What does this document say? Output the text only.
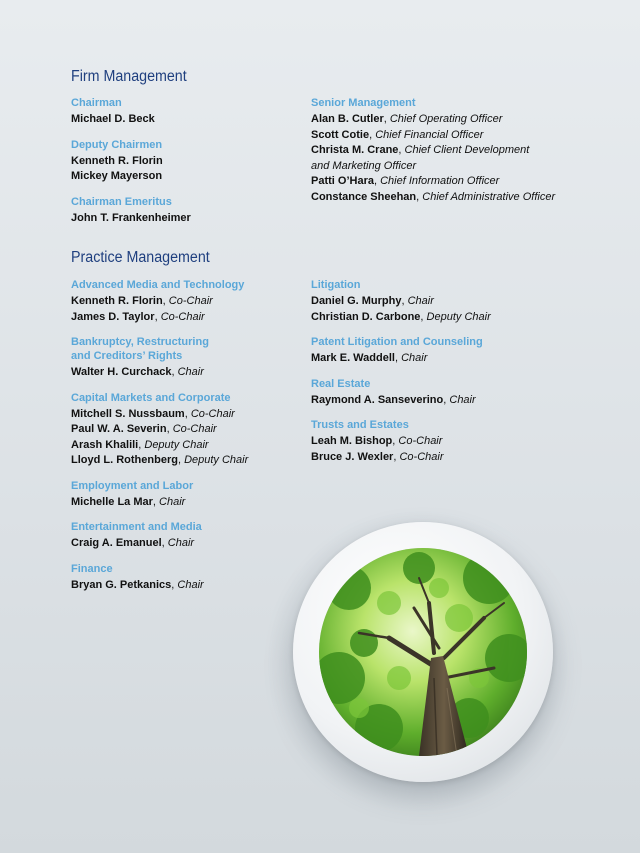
Firm Management
Chairman
Michael D. Beck
Deputy Chairmen
Kenneth R. Florin
Mickey Mayerson
Chairman Emeritus
John T. Frankenheimer
Senior Management
Alan B. Cutler, Chief Operating Officer
Scott Cotie, Chief Financial Officer
Christa M. Crane, Chief Client Development
and Marketing Officer
Patti O’Hara, Chief Information Officer
Constance Sheehan, Chief Administrative Officer
Practice Management
Advanced Media and Technology
Kenneth R. Florin, Co-Chair
James D. Taylor, Co-Chair
Bankruptcy, Restructuring
and Creditors’ Rights
Walter H. Curchack, Chair
Capital Markets and Corporate
Mitchell S. Nussbaum, Co-Chair
Paul W. A. Severin, Co-Chair
Arash Khalili, Deputy Chair
Lloyd L. Rothenberg, Deputy Chair
Employment and Labor
Michelle La Mar, Chair
Entertainment and Media
Craig A. Emanuel, Chair
Finance
Bryan G. Petkanics, Chair
Litigation
Daniel G. Murphy, Chair
Christian D. Carbone, Deputy Chair
Patent Litigation and Counseling
Mark E. Waddell, Chair
Real Estate
Raymond A. Sanseverino, Chair
Trusts and Estates
Leah M. Bishop, Co-Chair
Bruce J. Wexler, Co-Chair
